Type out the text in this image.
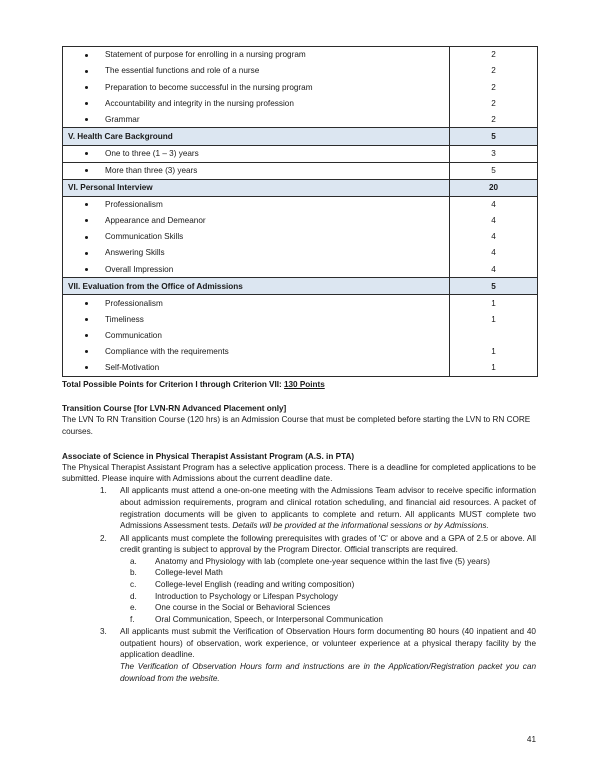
Statement of purpose for enrolling in a nursing program	2

The essential functions and role of a nurse	2

Preparation to become successful in the nursing program	2

Accountability and integrity in the nursing profession	2

Grammar	2
V. Health Care Background	5

One to three (1 – 3) years	3

More than three (3) years	5
VI. Personal Interview	20

Professionalism	4

Appearance and Demeanor	4

Communication Skills	4

Answering Skills	4

Overall Impression	4
VII. Evaluation from the Office of Admissions	5

Professionalism	1

Timeliness	1

Communication	

Compliance with the requirements	1

Self-Motivation	1
Total Possible Points for Criterion I through Criterion VII: 130 Points
Transition Course [for LVN-RN Advanced Placement only]
The LVN To RN Transition Course (120 hrs) is an Admission Course that must be completed before starting the LVN to RN CORE courses.
Associate of Science in Physical Therapist Assistant Program (A.S. in PTA)
The Physical Therapist Assistant Program has a selective application process. There is a deadline for completed applications to be submitted. Please inquire with Admissions about the current deadline date.
1.	All applicants must attend a one-on-one meeting with the Admissions Team advisor to receive specific information about admission requirements, program and clinical rotation scheduling, and financial aid resources. A packet of registration documents will be given to applicants to complete and return. All applicants MUST complete two Admissions Assessment tests. Details will be provided at the informational sessions or by Admissions.
2.	All applicants must complete the following prerequisites with grades of 'C' or above and a GPA of 2.5 or above. All credit granting is subject to approval by the Program Director. Official transcripts are required.
a.	Anatomy and Physiology with lab (complete one-year sequence within the last five (5) years)
b.	College-level Math
c.	College-level English (reading and writing composition)
d.	Introduction to Psychology or Lifespan Psychology
e.	One course in the Social or Behavioral Sciences
f.	Oral Communication, Speech, or Interpersonal Communication
3.	All applicants must submit the Verification of Observation Hours form documenting 80 hours (40 inpatient and 40 outpatient hours) of observation, work experience, or volunteer experience at a physical therapy facility by the application deadline.
The Verification of Observation Hours form and instructions are in the Application/Registration packet you can download from the website.
41
